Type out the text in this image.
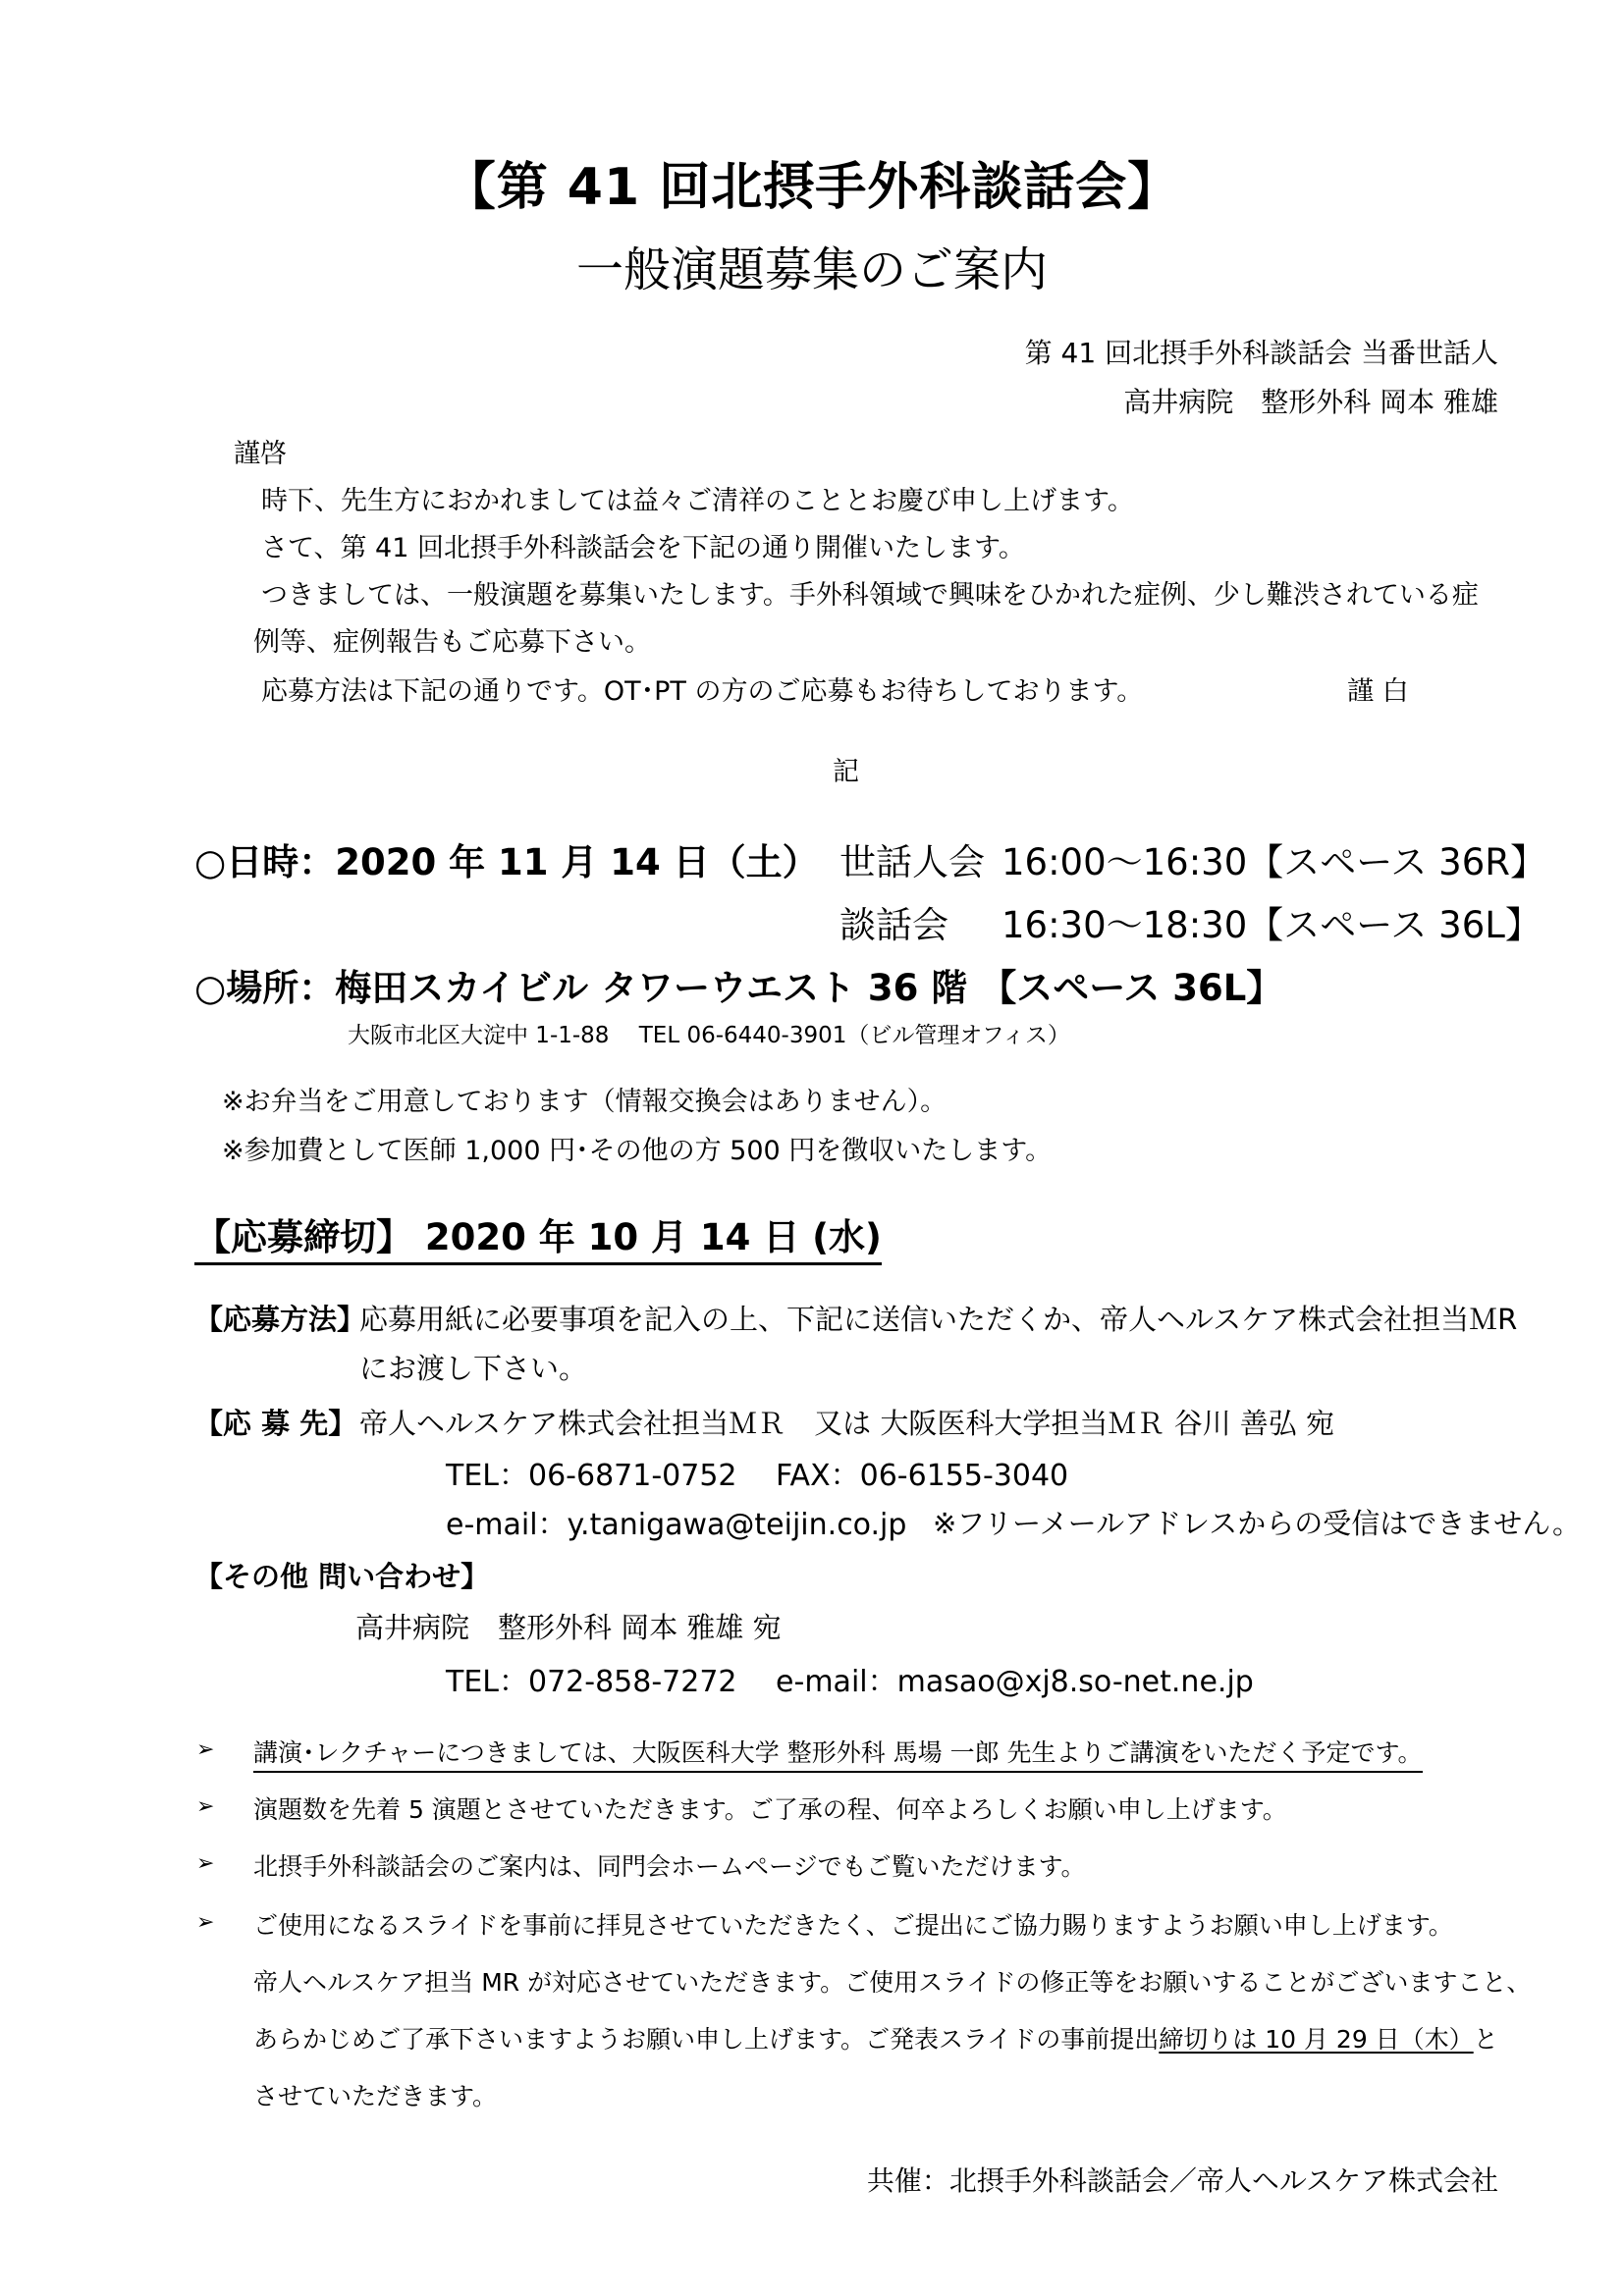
【第 41 回北摂手外科談話会】
一般演題募集のご案内
第 41 回北摂手外科談話会 当番世話人
高井病院　整形外科 岡本 雅雄
謹啓
時下、先生方におかれましては益々ご清祥のこととお慶び申し上げます。
さて、第 41 回北摂手外科談話会を下記の通り開催いたします。
つきましては、一般演題を募集いたします。手外科領域で興味をひかれた症例、少し難渋されている症
例等、症例報告もご応募下さい。
応募方法は下記の通りです。OT･PT の方のご応募もお待ちしております。	謹 白
記
○日時：2020 年 11 月 14 日（土） 世話人会 16:00～16:30【スペース 36R】
談話会 16:30～18:30【スペース 36L】
○場所：梅田スカイビル タワーウエスト 36 階 【スペース 36L】
大阪市北区大淀中 1-1-88　 TEL 06-6440-3901（ビル管理オフィス）
※お弁当をご用意しております（情報交換会はありません）。
※参加費として医師 1,000 円･その他の方 500 円を徴収いたします。
【応募締切】 2020 年 10 月 14 日 (水)
【応募方法】
応募用紙に必要事項を記入の上、下記に送信いただくか、帝人ヘルスケア株式会社担当ＭR
にお渡し下さい。
【応 募 先】 帝人ヘルスケア株式会社担当ＭＲ　又は 大阪医科大学担当ＭＲ 谷川 善弘 宛
TEL：06-6871-0752　 FAX：06-6155-3040
e-mail：y.tanigawa@teijin.co.jp ※フリーメールアドレスからの受信はできません。
【その他 問い合わせ】
高井病院　整形外科 岡本 雅雄 宛
TEL：072-858-7272　 e-mail：masao@xj8.so-net.ne.jp
➢ 講演･レクチャーにつきましては、大阪医科大学 整形外科 馬場 一郎 先生よりご講演をいただく予定です。
➢ 演題数を先着 5 演題とさせていただきます。ご了承の程、何卒よろしくお願い申し上げます。
➢ 北摂手外科談話会のご案内は、同門会ホームページでもご覧いただけます。
➢ ご使用になるスライドを事前に拝見させていただきたく、ご提出にご協力賜りますようお願い申し上げます。
帝人ヘルスケア担当 MR が対応させていただきます。ご使用スライドの修正等をお願いすることがございますこと、
あらかじめご了承下さいますようお願い申し上げます。ご発表スライドの事前提出締切りは 10 月 29 日（木）と
させていただきます。
共催：北摂手外科談話会／帝人ヘルスケア株式会社
